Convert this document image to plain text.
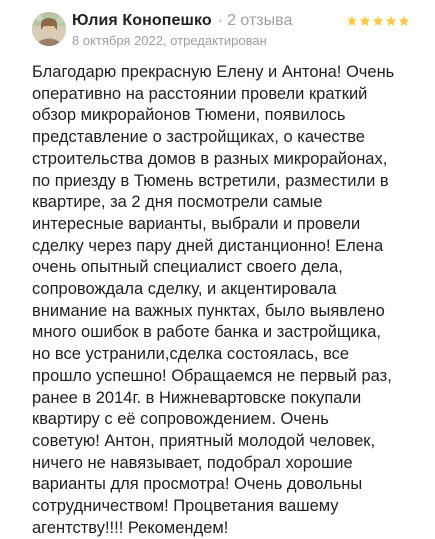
Юлия Конопешко · 2 отзыва
8 октября 2022, отредактирован

Благодарю прекрасную Елену и Антона! Очень
оперативно на расстоянии провели краткий
обзор микрорайонов Тюмени, появилось
представление о застройщиках, о качестве
строительства домов в разных микрорайонах,
по приезду в Тюмень встретили, разместили в
квартире, за 2 дня посмотрели самые
интересные варианты, выбрали и провели
сделку через пару дней дистанционно! Елена
очень опытный специалист своего дела,
сопровождала сделку, и акцентировала
внимание на важных пунктах, было выявлено
много ошибок в работе банка и застройщика,
но все устранили,сделка состоялась, все
прошло успешно! Обращаемся не первый раз,
ранее в 2014г. в Нижневартовске покупали
квартиру с её сопровождением. Очень
советую! Антон, приятный молодой человек,
ничего не навязывает, подобрал хорошие
варианты для просмотра! Очень довольны
сотрудничеством! Процветания вашему
агентству!!!! Рекомендем!
